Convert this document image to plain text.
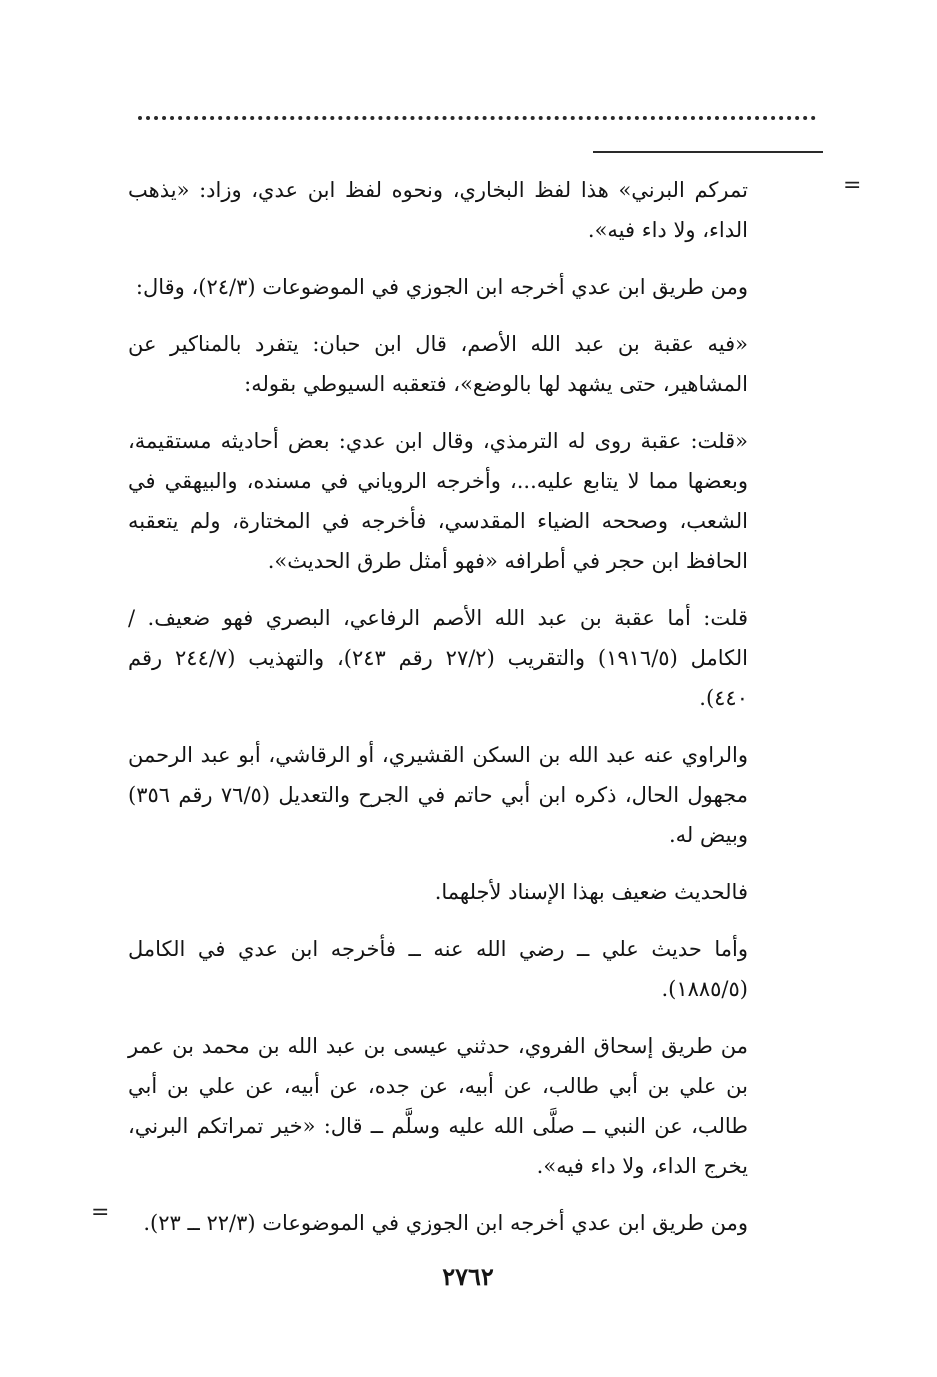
=

تمركم البرني» هذا لفظ البخاري، ونحوه لفظ ابن عدي، وزاد: «يذهب الداء، ولا داء فيه».

ومن طريق ابن عدي أخرجه ابن الجوزي في الموضوعات (٢٤/٣)، وقال:

«فيه عقبة بن عبد الله الأصم، قال ابن حبان: يتفرد بالمناكير عن المشاهير، حتى يشهد لها بالوضع»، فتعقبه السيوطي بقوله:

«قلت: عقبة روى له الترمذي، وقال ابن عدي: بعض أحاديثه مستقيمة، وبعضها مما لا يتابع عليه...، وأخرجه الروياني في مسنده، والبيهقي في الشعب، وصححه الضياء المقدسي، فأخرجه في المختارة، ولم يتعقبه الحافظ ابن حجر في أطرافه «فهو أمثل طرق الحديث».

قلت: أما عقبة بن عبد الله الأصم الرفاعي، البصري فهو ضعيف. / الكامل (١٩١٦/٥) والتقريب (٢٧/٢ رقم ٢٤٣)، والتهذيب (٢٤٤/٧ رقم ٤٤٠).

والراوي عنه عبد الله بن السكن القشيري، أو الرقاشي، أبو عبد الرحمن مجهول الحال، ذكره ابن أبي حاتم في الجرح والتعديل (٧٦/٥ رقم ٣٥٦) وبيض له.

فالحديث ضعيف بهذا الإسناد لأجلهما.

وأما حديث علي ــ رضي الله عنه ــ فأخرجه ابن عدي في الكامل (١٨٨٥/٥).

من طريق إسحاق الفروي، حدثني عيسى بن عبد الله بن محمد بن عمر بن علي بن أبي طالب، عن أبيه، عن جده، عن أبيه، عن علي بن أبي طالب، عن النبي ــ صلَّى الله عليه وسلَّم ــ قال: «خير تمراتكم البرني، يخرج الداء، ولا داء فيه».

ومن طريق ابن عدي أخرجه ابن الجوزي في الموضوعات (٢٢/٣ ــ ٢٣).

=
٢٧٦٢
